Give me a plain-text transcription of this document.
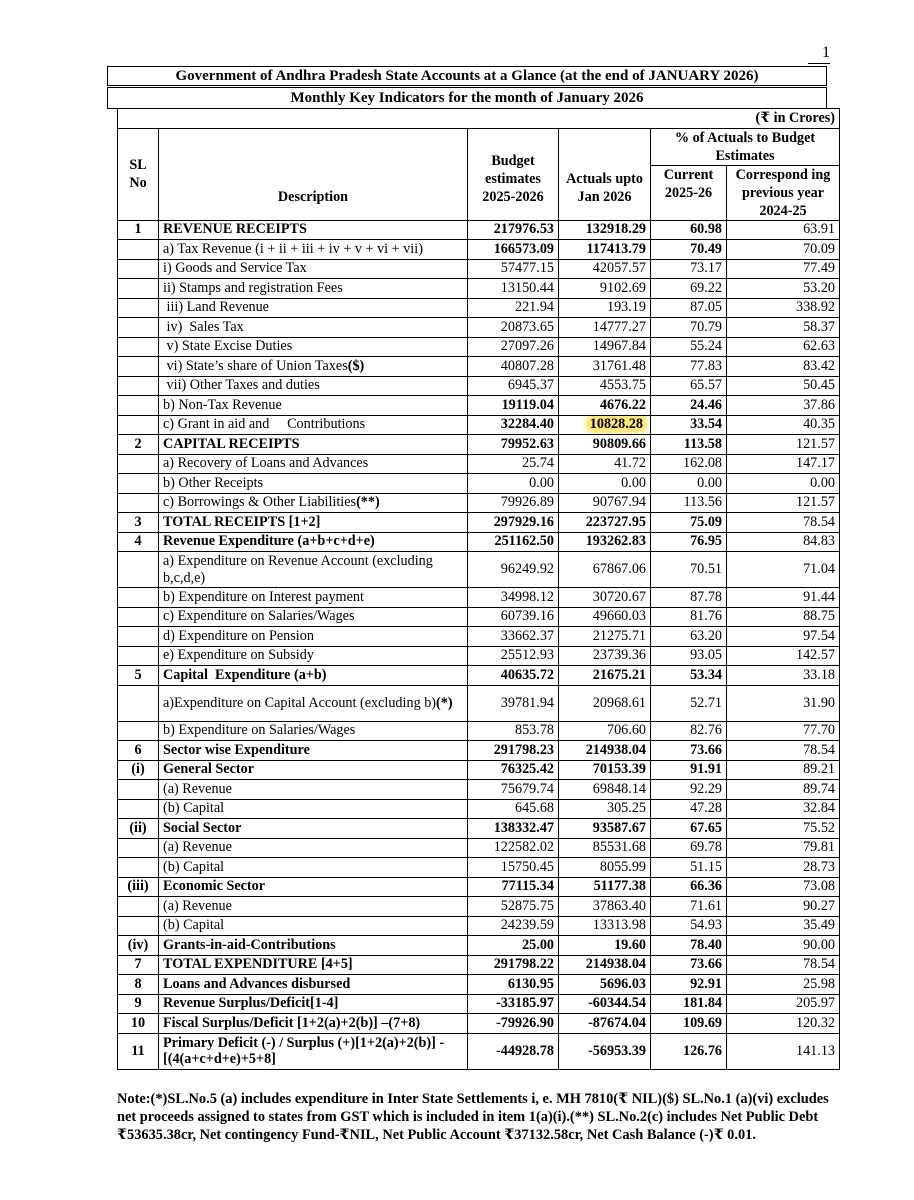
1
Government of Andhra Pradesh State Accounts at a Glance (at the end of JANUARY 2026)
Monthly Key Indicators for the month of January 2026
(₹ in Crores)					
SL No	Description	Budget estimates 2025-2026	Actuals upto Jan 2026	% of Actuals to Budget Estimates	
				Current 2025-26	Correspond ing previous year 2024-25
1	REVENUE RECEIPTS	217976.53	132918.29	60.98	63.91
	a) Tax Revenue (i + ii + iii + iv + v + vi + vii)	166573.09	117413.79	70.49	70.09
	i) Goods and Service Tax	57477.15	42057.57	73.17	77.49
	ii) Stamps and registration Fees	13150.44	9102.69	69.22	53.20
	iii) Land Revenue	221.94	193.19	87.05	338.92
	iv)  Sales Tax	20873.65	14777.27	70.79	58.37
	v) State Excise Duties	27097.26	14967.84	55.24	62.63
	vi) State’s share of Union Taxes($)	40807.28	31761.48	77.83	83.42
	vii) Other Taxes and duties	6945.37	4553.75	65.57	50.45
	b) Non-Tax Revenue	19119.04	4676.22	24.46	37.86
	c) Grant in aid and     Contributions	32284.40	10828.28	33.54	40.35
2	CAPITAL RECEIPTS	79952.63	90809.66	113.58	121.57
	a) Recovery of Loans and Advances	25.74	41.72	162.08	147.17
	b) Other Receipts	0.00	0.00	0.00	0.00
	c) Borrowings & Other Liabilities(**)	79926.89	90767.94	113.56	121.57
3	TOTAL RECEIPTS [1+2]	297929.16	223727.95	75.09	78.54
4	Revenue Expenditure (a+b+c+d+e)	251162.50	193262.83	76.95	84.83
	a) Expenditure on Revenue Account (excluding b,c,d,e)	96249.92	67867.06	70.51	71.04
	b) Expenditure on Interest payment	34998.12	30720.67	87.78	91.44
	c) Expenditure on Salaries/Wages	60739.16	49660.03	81.76	88.75
	d) Expenditure on Pension	33662.37	21275.71	63.20	97.54
	e) Expenditure on Subsidy	25512.93	23739.36	93.05	142.57
5	Capital  Expenditure (a+b)	40635.72	21675.21	53.34	33.18
	a)Expenditure on Capital Account (excluding b)(*)	39781.94	20968.61	52.71	31.90
	b) Expenditure on Salaries/Wages	853.78	706.60	82.76	77.70
6	Sector wise Expenditure	291798.23	214938.04	73.66	78.54
(i)	General Sector	76325.42	70153.39	91.91	89.21
	(a) Revenue	75679.74	69848.14	92.29	89.74
	(b) Capital	645.68	305.25	47.28	32.84
(ii)	Social Sector	138332.47	93587.67	67.65	75.52
	(a) Revenue	122582.02	85531.68	69.78	79.81
	(b) Capital	15750.45	8055.99	51.15	28.73
(iii)	Economic Sector	77115.34	51177.38	66.36	73.08
	(a) Revenue	52875.75	37863.40	71.61	90.27
	(b) Capital	24239.59	13313.98	54.93	35.49
(iv)	Grants-in-aid-Contributions	25.00	19.60	78.40	90.00
7	TOTAL EXPENDITURE [4+5]	291798.22	214938.04	73.66	78.54
8	Loans and Advances disbursed	6130.95	5696.03	92.91	25.98
9	Revenue Surplus/Deficit[1-4]	-33185.97	-60344.54	181.84	205.97
10	Fiscal Surplus/Deficit [1+2(a)+2(b)] –(7+8)	-79926.90	-87674.04	109.69	120.32
11	Primary Deficit (-) / Surplus (+)[1+2(a)+2(b)] - [(4(a+c+d+e)+5+8]	-44928.78	-56953.39	126.76	141.13
Note:(*)SL.No.5 (a) includes expenditure in Inter State Settlements i, e. MH 7810(₹ NIL)($) SL.No.1 (a)(vi) excludes net proceeds assigned to states from GST which is included in item 1(a)(i).(**) SL.No.2(c) includes Net Public Debt ₹53635.38cr, Net contingency Fund-₹NIL, Net Public Account ₹37132.58cr, Net Cash Balance (-)₹ 0.01.
